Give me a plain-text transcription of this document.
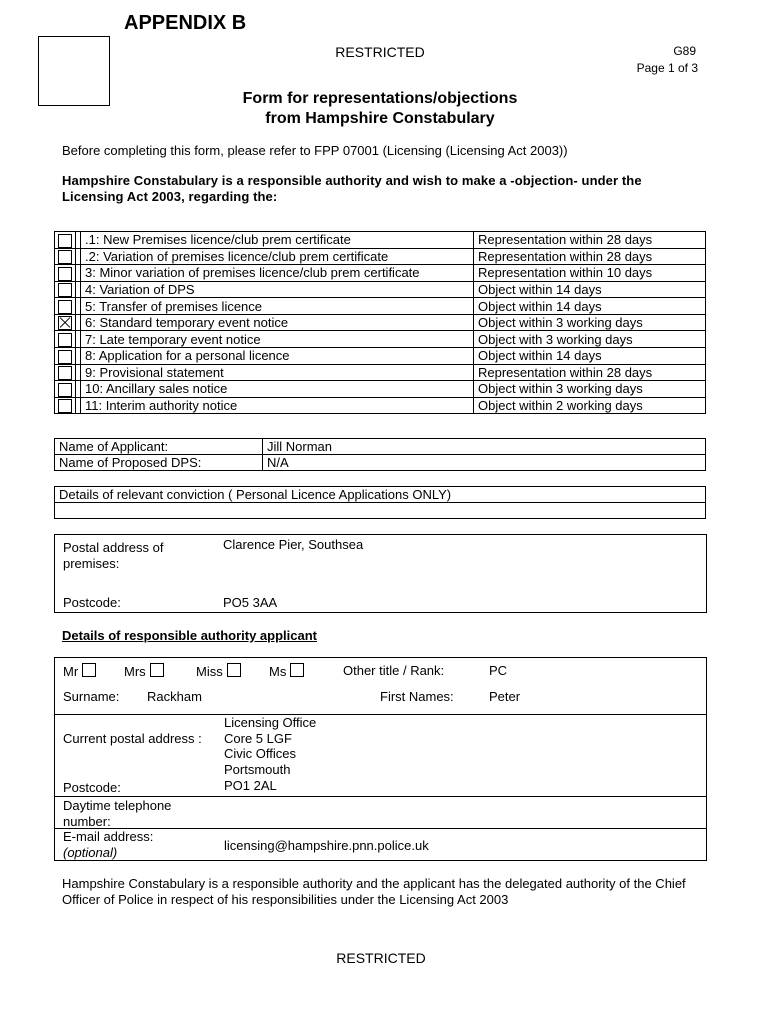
APPENDIX B
RESTRICTED	G89
Page 1 of 3
Form for representations/objections
from Hampshire Constabulary
Before completing this form, please refer to FPP 07001 (Licensing (Licensing Act 2003))
Hampshire Constabulary is a responsible authority and wish to make a -objection- under the Licensing Act 2003, regarding the:
		.1: New Premises licence/club prem certificate	Representation within 28 days
		.2: Variation of premises licence/club prem certificate	Representation within 28 days
		3: Minor variation of premises licence/club prem certificate	Representation within 10 days
		4: Variation of DPS	Object within 14 days
		5: Transfer of premises licence	Object within 14 days
		6: Standard temporary event notice	Object within 3 working days
		7: Late temporary event notice	Object with 3 working days
		8: Application for a personal licence	Object within 14 days
		9: Provisional statement	Representation within 28 days
		10: Ancillary sales notice	Object within 3 working days
		11: Interim authority notice	Object within 2 working days
Name of Applicant:	Jill Norman
Name of Proposed DPS:	N/A
Details of relevant conviction ( Personal Licence Applications ONLY)

Postal address of premises:
Clarence Pier, Southsea
Postcode:	PO5 3AA
Details of responsible authority applicant
Mr	Mrs	Miss	Ms	Other title / Rank:	PC
Surname: Rackham	First Names:	Peter
Current postal address :
Licensing Office
Core 5 LGF
Civic Offices
Portsmouth
Postcode:	PO1 2AL
Daytime telephone number:
E-mail address:
(optional)	licensing@hampshire.pnn.police.uk
Hampshire Constabulary is a responsible authority and the applicant has the delegated authority of the Chief Officer of Police in respect of his responsibilities under the Licensing Act 2003
RESTRICTED
